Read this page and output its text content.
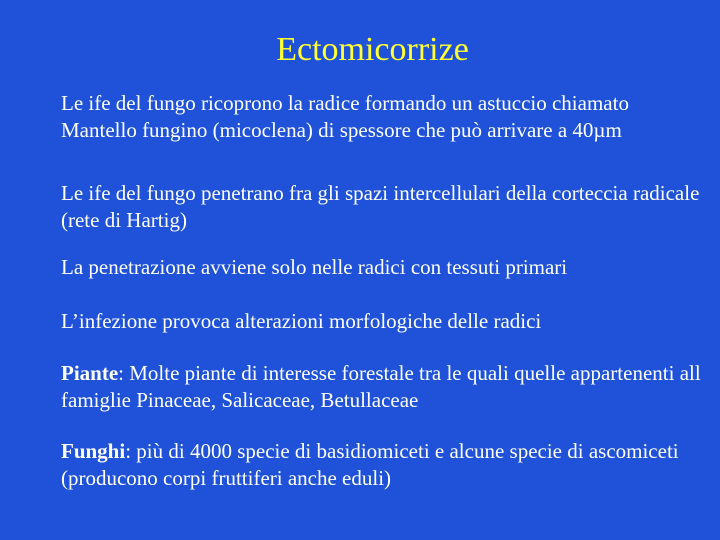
Ectomicorrize
Le ife del fungo ricoprono la radice formando un astuccio chiamato Mantello fungino (micoclena) di spessore che può arrivare a 40µm
Le ife del fungo penetrano fra gli spazi intercellulari della corteccia radicale (rete di Hartig)
La penetrazione avviene solo nelle radici con tessuti primari
L’infezione provoca alterazioni morfologiche delle radici
Piante: Molte piante di interesse forestale tra le quali quelle appartenenti all famiglie Pinaceae, Salicaceae, Betullaceae
Funghi: più di 4000 specie di basidiomiceti e alcune specie di ascomiceti (producono corpi fruttiferi anche eduli)
